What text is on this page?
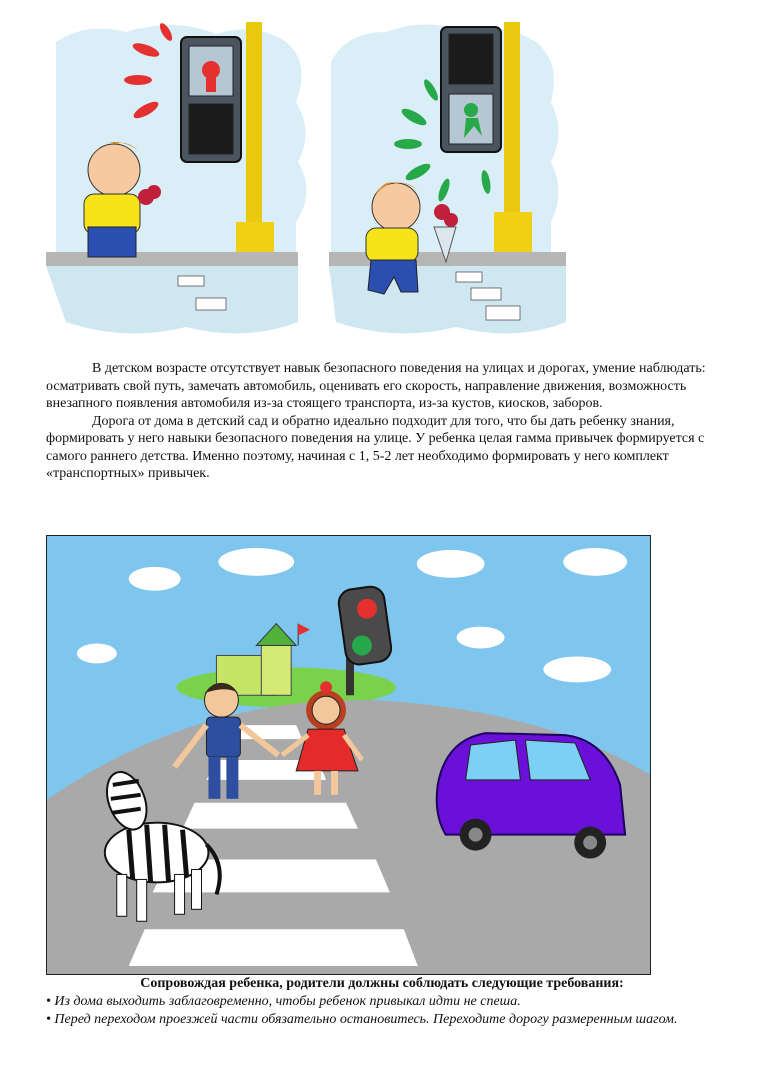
В детском возрасте отсутствует навык безопасного поведения на улицах и дорогах, умение наблюдать: осматривать свой путь, замечать автомобиль, оценивать его скорость, направление движения, возможность внезапного появления автомобиля из-за стоящего транспорта, из-за кустов, киосков, заборов.

Дорога от дома в детский сад и обратно идеально подходит для того, что бы дать ребенку знания, формировать у него навыки безопасного поведения на улице. У ребенка целая гамма привычек формируется с самого раннего детства. Именно поэтому, начиная с 1, 5-2 лет необходимо формировать у него комплект «транспортных» привычек.

Сопровождая ребенка, родители должны соблюдать следующие требования:
• Из дома выходить заблаговременно, чтобы ребенок привыкал идти не спеша.
• Перед переходом проезжей части обязательно остановитесь. Переходите дорогу размеренным шагом.
